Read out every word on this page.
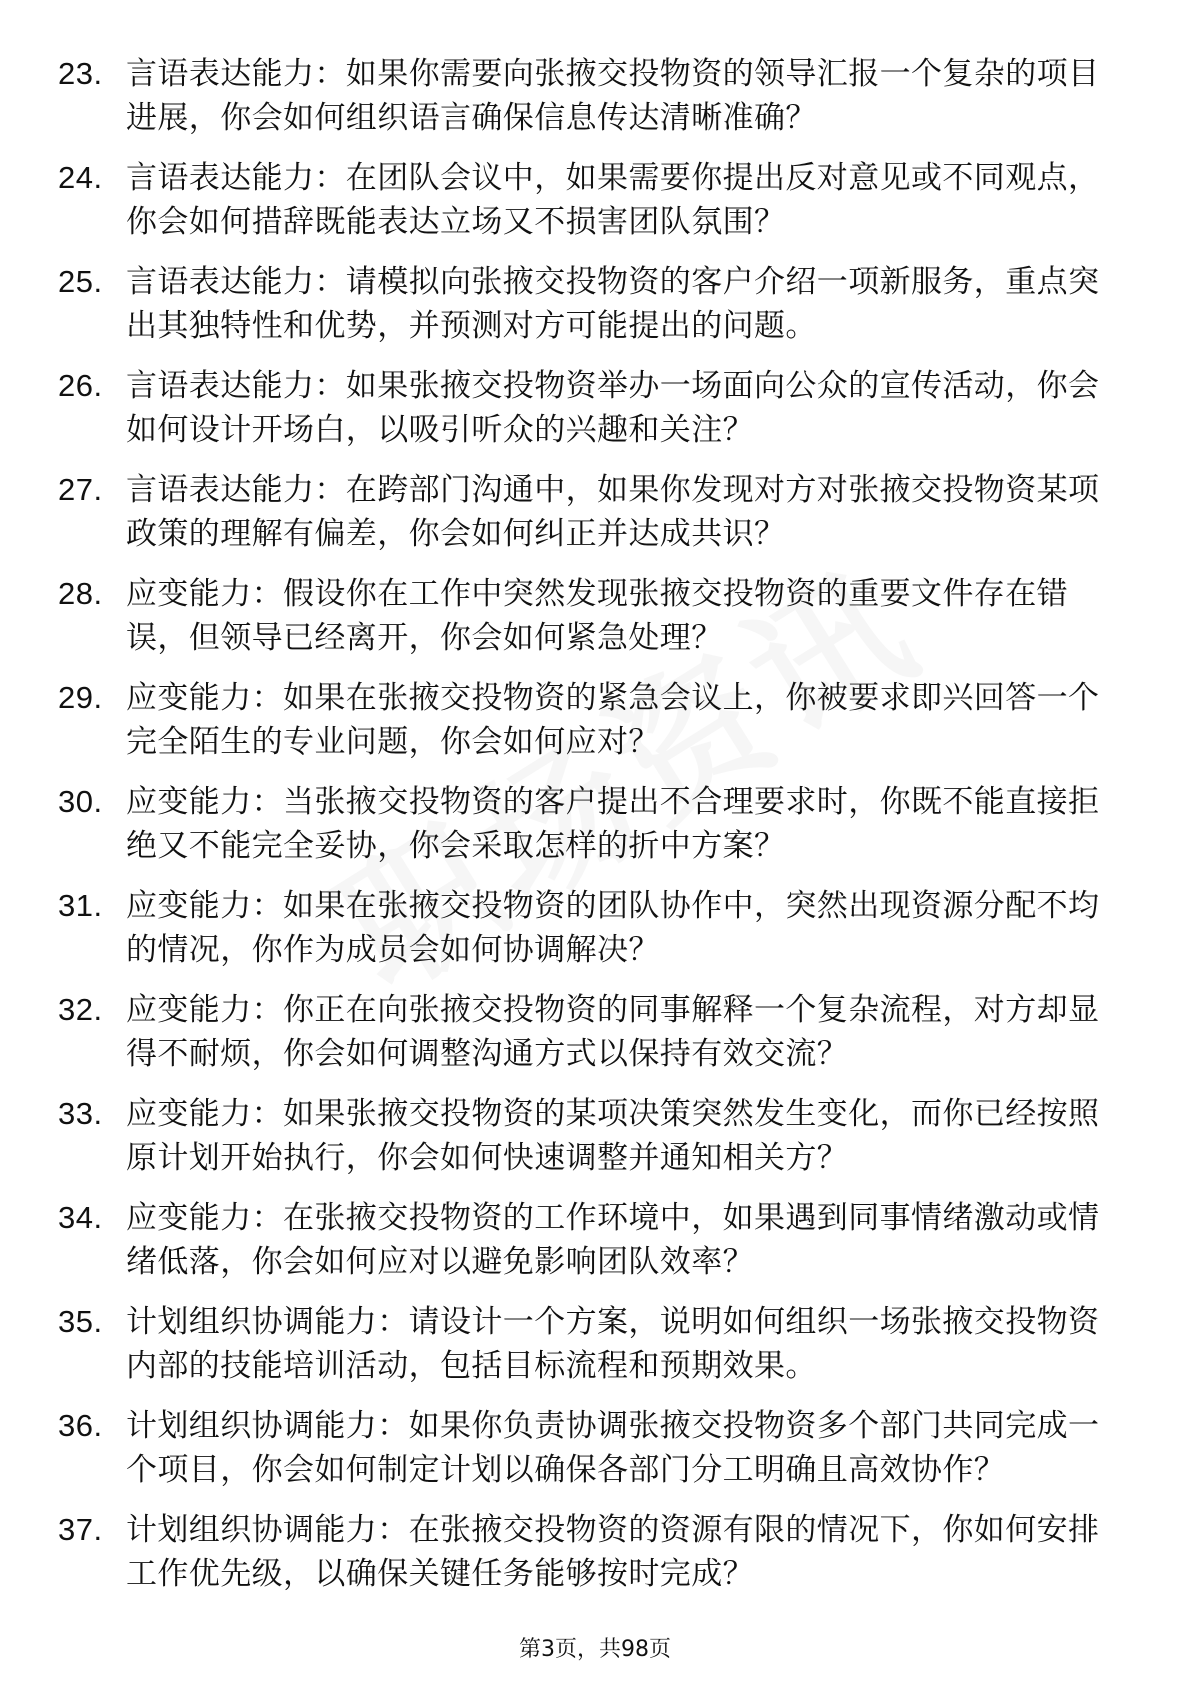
23. 言语表达能力：如果你需要向张掖交投物资的领导汇报一个复杂的项目进展，你会如何组织语言确保信息传达清晰准确？
24. 言语表达能力：在团队会议中，如果需要你提出反对意见或不同观点，你会如何措辞既能表达立场又不损害团队氛围？
25. 言语表达能力：请模拟向张掖交投物资的客户介绍一项新服务，重点突出其独特性和优势，并预测对方可能提出的问题。
26. 言语表达能力：如果张掖交投物资举办一场面向公众的宣传活动，你会如何设计开场白，以吸引听众的兴趣和关注？
27. 言语表达能力：在跨部门沟通中，如果你发现对方对张掖交投物资某项政策的理解有偏差，你会如何纠正并达成共识？
28. 应变能力：假设你在工作中突然发现张掖交投物资的重要文件存在错误，但领导已经离开，你会如何紧急处理？
29. 应变能力：如果在张掖交投物资的紧急会议上，你被要求即兴回答一个完全陌生的专业问题，你会如何应对？
30. 应变能力：当张掖交投物资的客户提出不合理要求时，你既不能直接拒绝又不能完全妥协，你会采取怎样的折中方案？
31. 应变能力：如果在张掖交投物资的团队协作中，突然出现资源分配不均的情况，你作为成员会如何协调解决？
32. 应变能力：你正在向张掖交投物资的同事解释一个复杂流程，对方却显得不耐烦，你会如何调整沟通方式以保持有效交流？
33. 应变能力：如果张掖交投物资的某项决策突然发生变化，而你已经按照原计划开始执行，你会如何快速调整并通知相关方？
34. 应变能力：在张掖交投物资的工作环境中，如果遇到同事情绪激动或情绪低落，你会如何应对以避免影响团队效率？
35. 计划组织协调能力：请设计一个方案，说明如何组织一场张掖交投物资内部的技能培训活动，包括目标流程和预期效果。
36. 计划组织协调能力：如果你负责协调张掖交投物资多个部门共同完成一个项目，你会如何制定计划以确保各部门分工明确且高效协作？
37. 计划组织协调能力：在张掖交投物资的资源有限的情况下，你如何安排工作优先级，以确保关键任务能够按时完成？
第3页，共98页
